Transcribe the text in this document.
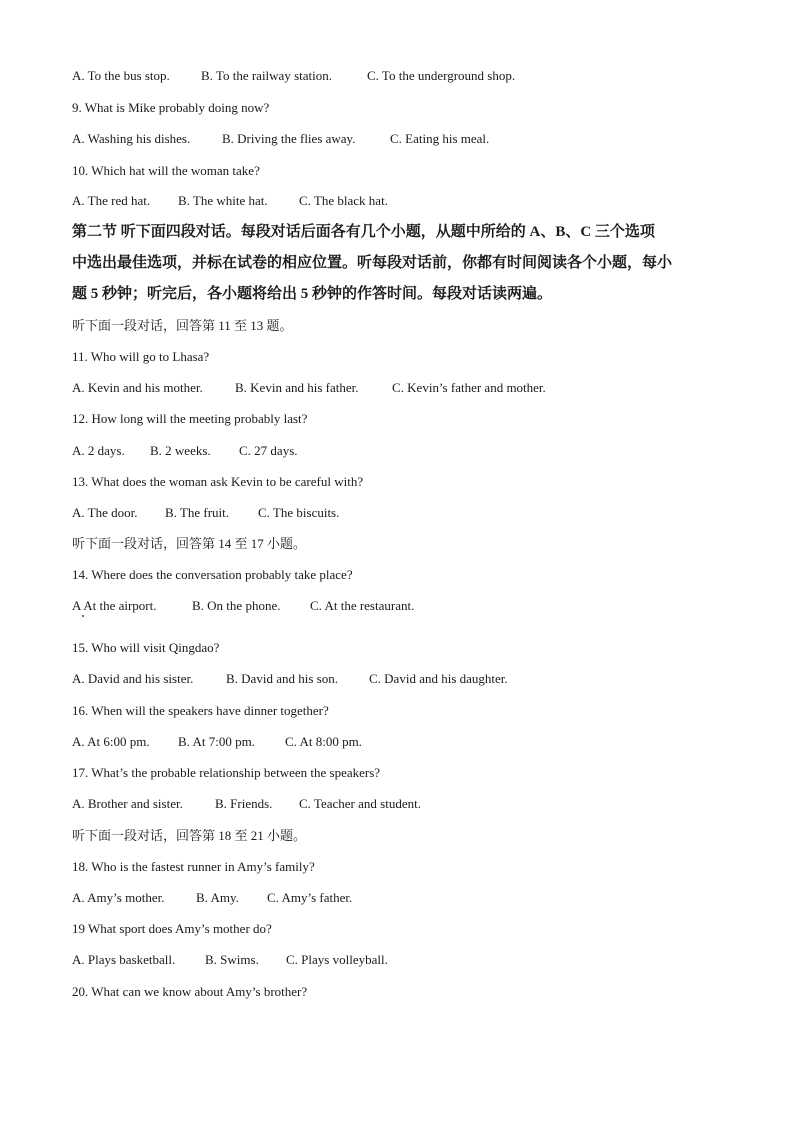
A. To the bus stop. B. To the railway station.	C. To the underground shop.
9. What is Mike probably doing now?
A. Washing his dishes. B. Driving the flies away.	C. Eating his meal.
10. Which hat will the woman take?
A. The red hat. B. The white hat. C. The black hat.
第二节 听下面四段对话。每段对话后面各有几个小题，从题中所给的 A、B、C 三个选项
中选出最佳选项，并标在试卷的相应位置。听每段对话前，你都有时间阅读各个小题，每小
题 5 秒钟；听完后，各小题将给出 5 秒钟的作答时间。每段对话读两遍。
听下面一段对话，回答第 11 至 13 题。
11. Who will go to Lhasa?
A. Kevin and his mother. B. Kevin and his father.	C. Kevin’s father and mother.
12. How long will the meeting probably last?
A. 2 days. B. 2 weeks. C. 27 days.
13. What does the woman ask Kevin to be careful with?
A. The door. B. The fruit. C. The biscuits.
听下面一段对话，回答第 14 至 17 小题。
14. Where does the conversation probably take place?
A At the airport.	B. On the phone. C. At the restaurant.
15. Who will visit Qingdao?
A. David and his sister.	B. David and his son. C. David and his daughter.
16. When will the speakers have dinner together?
A. At 6:00 pm. B. At 7:00 pm. C. At 8:00 pm.
17. What’s the probable relationship between the speakers?
A. Brother and sister. B. Friends. C. Teacher and student.
听下面一段对话，回答第 18 至 21 小题。
18. Who is the fastest runner in Amy’s family?
A. Amy’s mother. B. Amy. C. Amy’s father.
19 What sport does Amy’s mother do?
A. Plays basketball. B. Swims. C. Plays volleyball.
20. What can we know about Amy’s brother?
